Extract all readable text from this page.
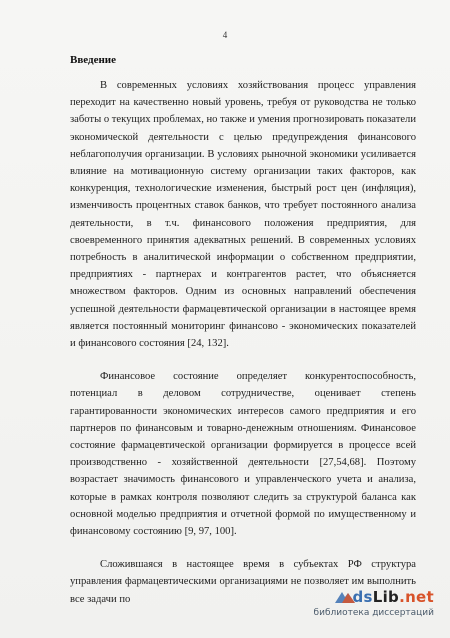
4
Введение

В современных условиях хозяйствования процесс управления переходит на качественно новый уровень, требуя от руководства не только заботы о текущих проблемах, но также и умения прогнозировать показатели экономической деятельности с целью предупреждения финансового неблагополучия организации. В условиях рыночной экономики усиливается влияние на мотивационную систему организации таких факторов, как конкуренция, технологические изменения, быстрый рост цен (инфляция), изменчивость процентных ставок банков, что требует постоянного анализа деятельности, в т.ч. финансового положения предприятия, для своевременного принятия адекватных решений. В современных условиях потребность в аналитической информации о собственном предприятии, предприятиях - партнерах и контрагентов растет, что объясняется множеством факторов. Одним из основных направлений обеспечения успешной деятельности фармацевтической организации в настоящее время является постоянный мониторинг финансово - экономических показателей и финансового состояния [24, 132].

Финансовое состояние определяет конкурентоспособность, потенциал в деловом сотрудничестве, оценивает степень гарантированности экономических интересов самого предприятия и его партнеров по финансовым и товарно-денежным отношениям. Финансовое состояние фармацевтической организации формируется в процессе всей производственно - хозяйственной деятельности [27,54,68]. Поэтому возрастает значимость финансового и управленческого учета и анализа, которые в рамках контроля позволяют следить за структурой баланса как основной моделью предприятия и отчетной формой по имущественному и финансовому состоянию [9, 97, 100].

Сложившаяся в настоящее время в субъектах РФ структура управления фармацевтическими организациями не позволяет им выполнить все задачи по	dsLib.net
библиотека диссертаций
